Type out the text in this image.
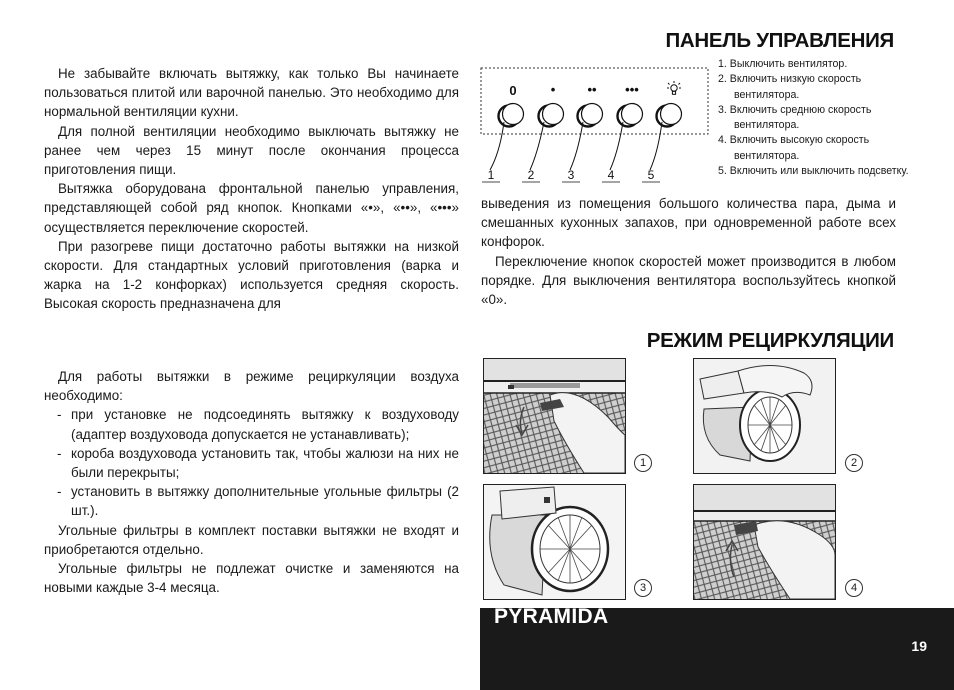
Не забывайте включать вытяжку, как только Вы начинаете пользоваться плитой или варочной панелью. Это необходимо для нормальной вентиляции кухни.

Для полной вентиляции необходимо выключать вытяжку не ранее чем через 15 минут после окончания процесса приготовления пищи.

Вытяжка оборудована фронтальной панелью управления, представляющей собой ряд кнопок. Кнопками «•», «••», «•••» осуществляется переключение скоростей.

При разогреве пищи достаточно работы вытяжки на низкой скорости. Для стандартных условий приготовления (варка и жарка на 1-2 конфорках) используется средняя скорость. Высокая скорость предназначена для

ПАНЕЛЬ УПРАВЛЕНИЯ
0	• •• •••
1	2	3	4	5
1. Выключить вентилятор.
2. Включить низкую скорость вентилятора.
3. Включить среднюю скорость вентилятора.
4. Включить высокую скорость вентилятора.
5. Включить или выключить подсветку.

выведения из помещения большого количества пара, дыма и смешанных кухонных запахов, при одновременной работе всех конфорок.

Переключение кнопок скоростей может производится в любом порядке. Для выключения вентилятора воспользуйтесь кнопкой «0».

РЕЖИМ РЕЦИРКУЛЯЦИИ

Для работы вытяжки в режиме рециркуляции воздуха необходимо:

- при установке не подсоединять вытяжку к воздуховоду (адаптер воздуховода допускается не устанавливать);
- короба воздуховода установить так, чтобы жалюзи на них не были перекрыты;
- установить в вытяжку дополнительные угольные фильтры (2 шт.).

Угольные фильтры в комплект поставки вытяжки не входят и приобретаются отдельно.

Угольные фильтры не подлежат очистке и заменяются на новыми каждые 3-4 месяца.

1	2
3	4
PYRAMIDA
19
